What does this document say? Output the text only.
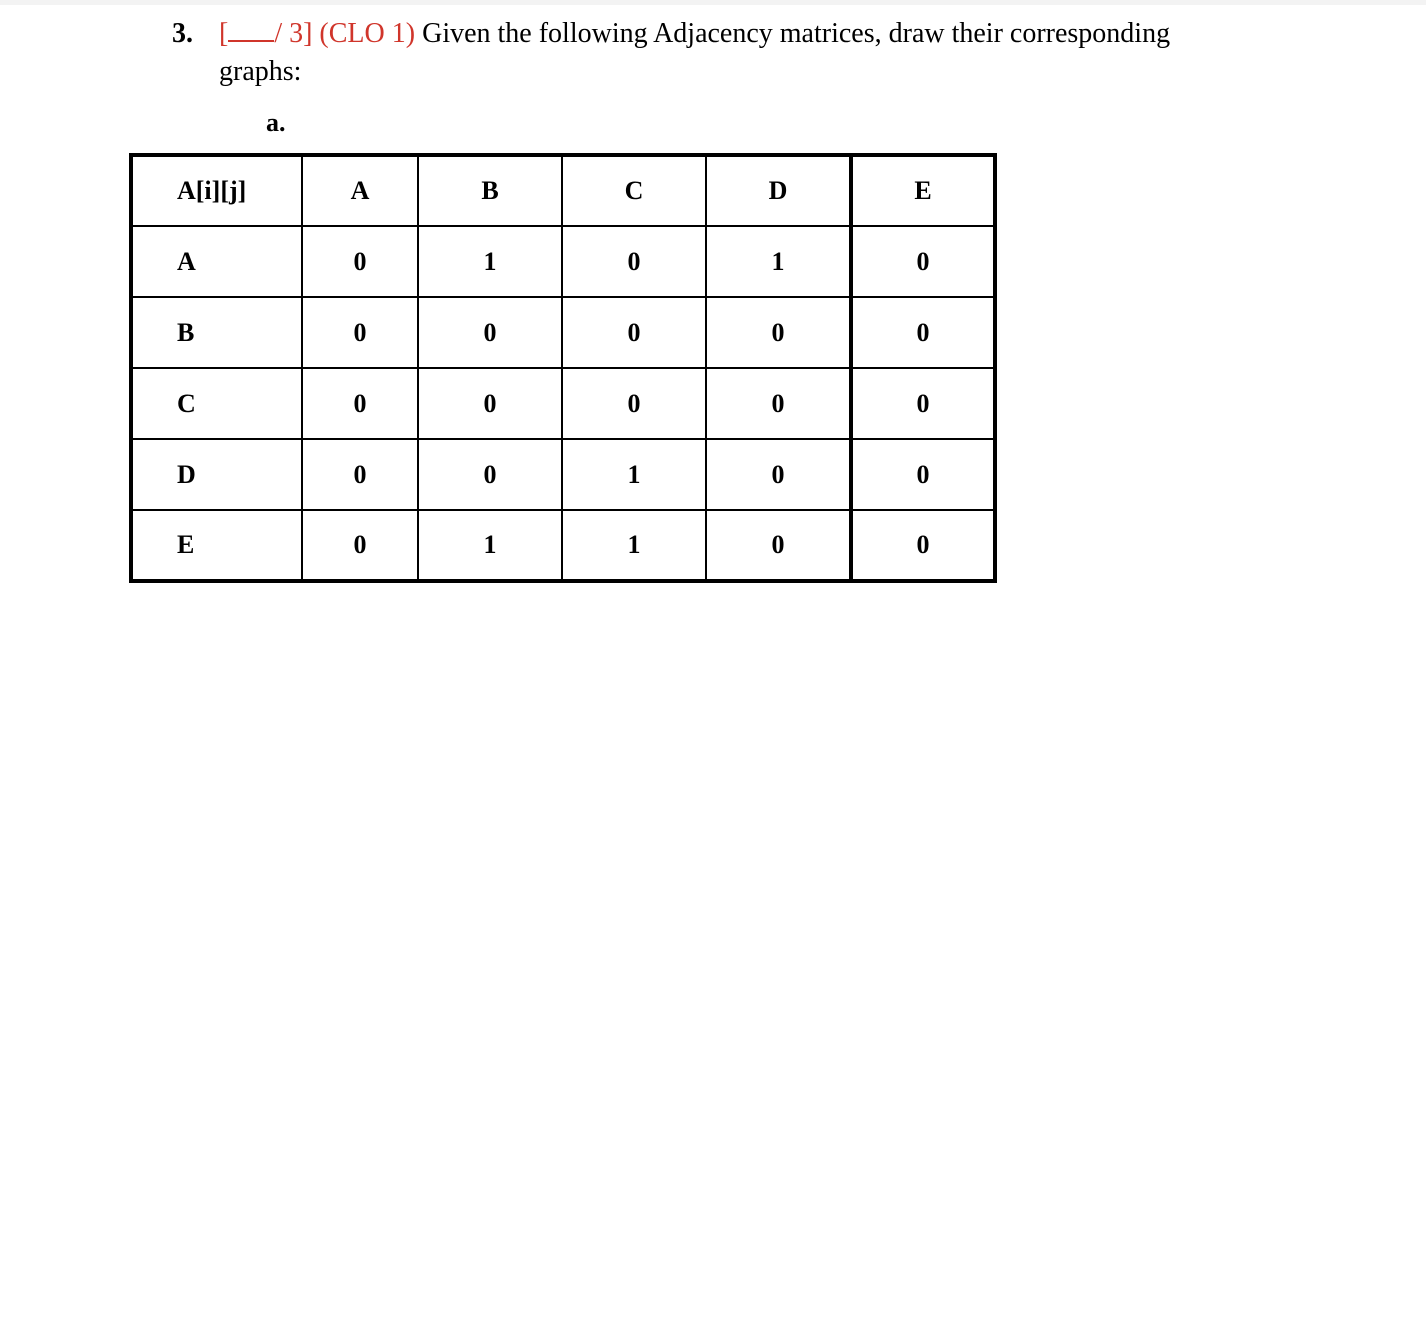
3. [ / 3] (CLO 1) Given the following Adjacency matrices, draw their corresponding
graphs:
a.
A[i][j]	A	B	C	D	E
A	0	1	0	1	0
B	0	0	0	0	0
C	0	0	0	0	0
D	0	0	1	0	0
E	0	1	1	0	0
